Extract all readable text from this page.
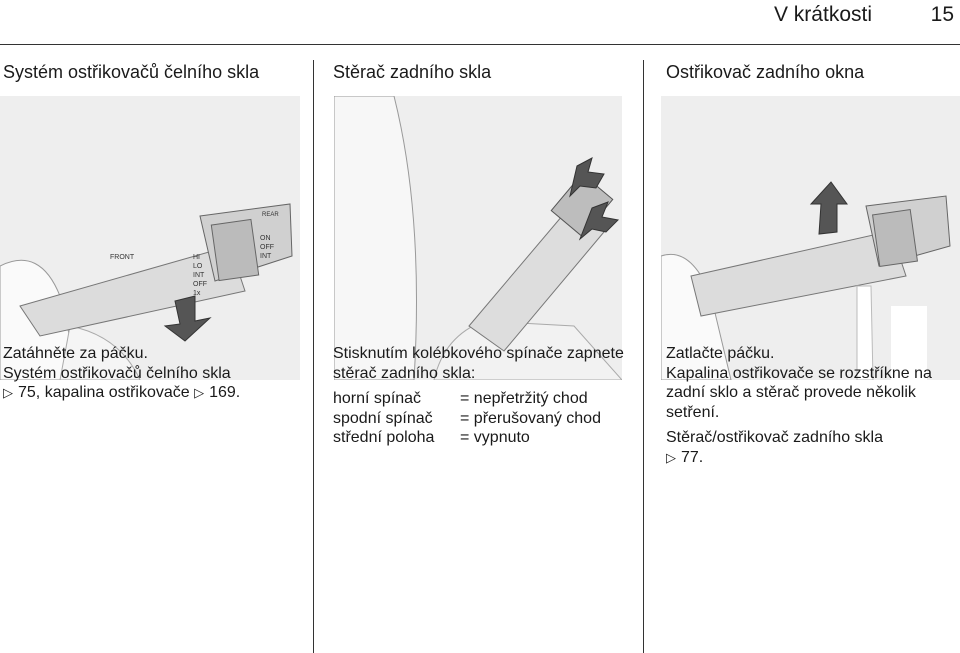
V krátkosti	15
Systém ostřikovačů čelního skla
FRONT	HI
LO
INT
OFF
1x
ON
OFF
INT
REAR

Zatáhněte za páčku.

Systém ostřikovačů čelního skla
▷ 75, kapalina ostřikovače ▷ 169.

Stěrač zadního skla

Stisknutím kolébkového spínače zapnete stěrač zadního skla:

horní spínač	= nepřetržitý chod
spodní spínač	= přerušovaný chod
střední poloha	= vypnuto
Ostřikovač zadního okna

Zatlačte páčku.

Kapalina ostřikovače se rozstříkne na zadní sklo a stěrač provede několik setření.

Stěrač/ostřikovač zadního skla
▷ 77.
